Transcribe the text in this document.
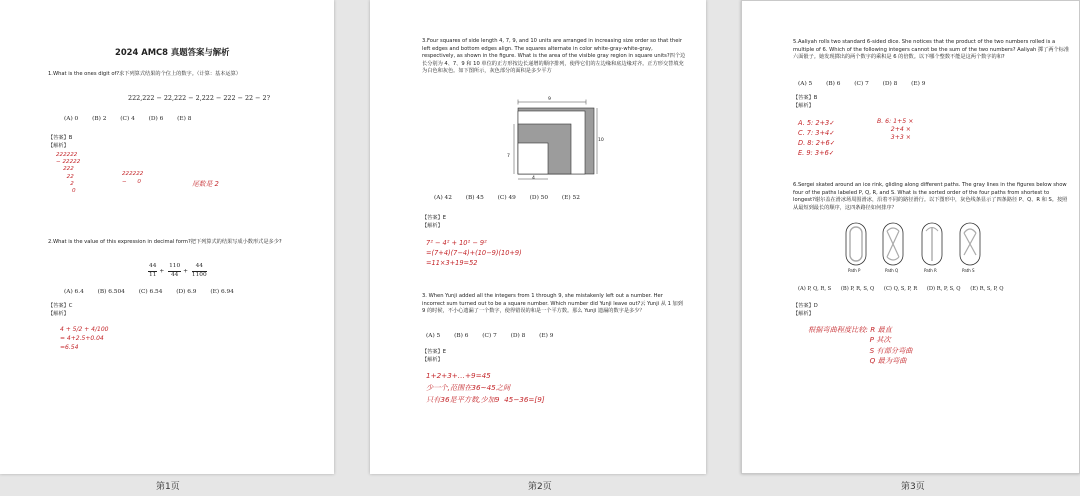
2024 AMC8 真题答案与解析
1.What is the ones digit of?求下列算式结果的个位上的数字。（计算：基本运算）
222,222 − 22,222 − 2,222 − 222 − 22 − 2?
(A) 0 (B) 2 (C) 4 (D) 6 (E) 8
【答案】B
【解析】
222222
− 22222
222
22
2
0
222222
−      0	尾数是 2
2.What is the value of this expression in decimal form?把下列算式的结果写成小数形式是多少?
$\frac{44}{11} + \frac{110}{44} + \frac{44}{1100}$
(A) 6.4 (B) 6.504 (C) 6.54 (D) 6.9 (E) 6.94
【答案】C
【解析】
4 + 5/2 + 4/100
= 4+2.5+0.04
=6.54
第1页
3.Four squares of side length 4, 7, 9, and 10 units are arranged in increasing size order so that their left edges and bottom edges align. The squares alternate in color white-gray-white-gray, respectively, as shown in the figure. What is the area of the visible gray region in square units?四个边长分别为 4、7、9 和 10 单位的正方形按边长递增的顺序排列，使得它们的左边缘和底边缘对齐。正方形交替填充为白色和灰色。如下图所示，灰色部分的面积是多少平方
9
10
7
4
(A) 42 (B) 45 (C) 49 (D) 50 (E) 52
【答案】E
【解析】
7² − 4² + 10² − 9²
=(7+4)(7−4)+(10−9)(10+9)
=11×3+19=52
3. When Yunji added all the integers from 1 through 9, she mistakenly left out a number. Her incorrect sum turned out to be a square number. Which number did Yunji leave out?云 Yunji 从 1 加到 9 的时候，不小心遗漏了一个数字，使得错误的和是一个平方数。那么 Yunji 遗漏的数字是多少？
(A) 5 (B) 6 (C) 7 (D) 8 (E) 9
【答案】E
【解析】
1+2+3+…+9=45
少一个,范围在36~45之间
只有36是平方数,少加9  45−36=[9]
第2页
5.Aaliyah rolls two standard 6-sided dice. She notices that the product of the two numbers rolled is a multiple of 6. Which of the following integers cannot be the sum of the two numbers? Aaliyah 掷了两个标准六面骰子。她发现掷出的两个数字的乘积是 6 的倍数。以下哪个整数不能是这两个数字的和?
(A) 5 (B) 6 (C) 7 (D) 8 (E) 9
【答案】B
【解析】
A. 5: 2+3✓
C. 7: 3+4✓
D. 8: 2+6✓
E. 9: 3+6✓
B. 6: 1+5 ×
2+4 ×
3+3 ×
6.Sergei skated around an ice rink, gliding along different paths. The gray lines in the figures below show four of the paths labeled P, Q, R, and S. What is the sorted order of the four paths from shortest to longest?谢尔盖在滑冰场周围滑冰，沿着不同的路径滑行。以下图形中，灰色线条显示了四条路径 P、Q、R 和 S。按照从最短到最长的顺序，这四条路径如何排序？
Path P	Path Q	Path R	Path S
(A) P, Q, R, S (B) P, R, S, Q (C) Q, S, P, R (D) R, P, S, Q (E) R, S, P, Q
【答案】D
【解析】
根据弯曲程度比较: R 最直
P 其次
S 有部分弯曲
Q 最为弯曲
第3页
